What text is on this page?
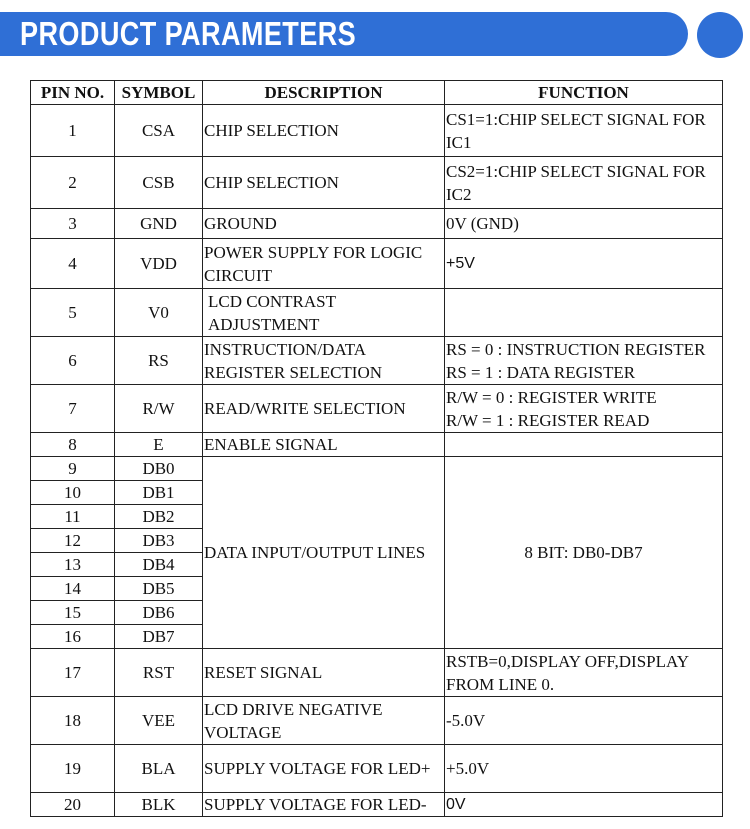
PRODUCT PARAMETERS
PIN NO.	SYMBOL	DESCRIPTION	FUNCTION
1	CSA	CHIP SELECTION	CS1=1:CHIP SELECT SIGNAL FOR IC1
2	CSB	CHIP SELECTION	CS2=1:CHIP SELECT SIGNAL FOR IC2
3	GND	GROUND	0V (GND)
4	VDD	POWER SUPPLY FOR LOGIC CIRCUIT	+5V
5	V0	LCD CONTRAST ADJUSTMENT	
6	RS	INSTRUCTION/DATA REGISTER SELECTION	RS = 0 : INSTRUCTION REGISTER
RS = 1 : DATA REGISTER

7	R/W	READ/WRITE SELECTION	R/W = 0 : REGISTER WRITE
R/W = 1 : REGISTER READ

8	E	ENABLE SIGNAL	
9	DB0	DATA INPUT/OUTPUT LINES	8 BIT: DB0-DB7
10	DB1		
11	DB2		
12	DB3		
13	DB4		
14	DB5		
15	DB6		
16	DB7		
17	RST	RESET SIGNAL	RSTB=0,DISPLAY OFF,DISPLAY FROM LINE 0.
18	VEE	LCD DRIVE NEGATIVE VOLTAGE	-5.0V
19	BLA	SUPPLY VOLTAGE FOR LED+	+5.0V
20	BLK	SUPPLY VOLTAGE FOR LED-	0V
